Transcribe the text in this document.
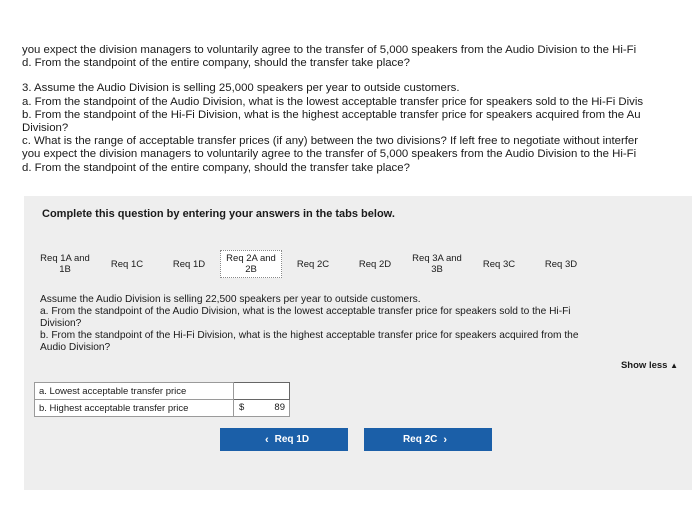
you expect the division managers to voluntarily agree to the transfer of 5,000 speakers from the Audio Division to the Hi-Fi

d. From the standpoint of the entire company, should the transfer take place?

3. Assume the Audio Division is selling 25,000 speakers per year to outside customers.

a. From the standpoint of the Audio Division, what is the lowest acceptable transfer price for speakers sold to the Hi-Fi Divis

b. From the standpoint of the Hi-Fi Division, what is the highest acceptable transfer price for speakers acquired from the Au

Division?

c. What is the range of acceptable transfer prices (if any) between the two divisions? If left free to negotiate without interfer

you expect the division managers to voluntarily agree to the transfer of 5,000 speakers from the Audio Division to the Hi-Fi

d. From the standpoint of the entire company, should the transfer take place?

Complete this question by entering your answers in the tabs below.
Req 1A and
1B	Req 1C	Req 1D	Req 2A and
2B	Req 2C	Req 2D	Req 3A and
3B	Req 3C	Req 3D

Assume the Audio Division is selling 22,500 speakers per year to outside customers.

a. From the standpoint of the Audio Division, what is the lowest acceptable transfer price for speakers sold to the Hi-Fi

Division?

b. From the standpoint of the Hi-Fi Division, what is the highest acceptable transfer price for speakers acquired from the

Audio Division?

Show less ▲
a. Lowest acceptable transfer price	

b. Highest acceptable transfer price	$ 89
‹ Req 1D	Req 2C ›
